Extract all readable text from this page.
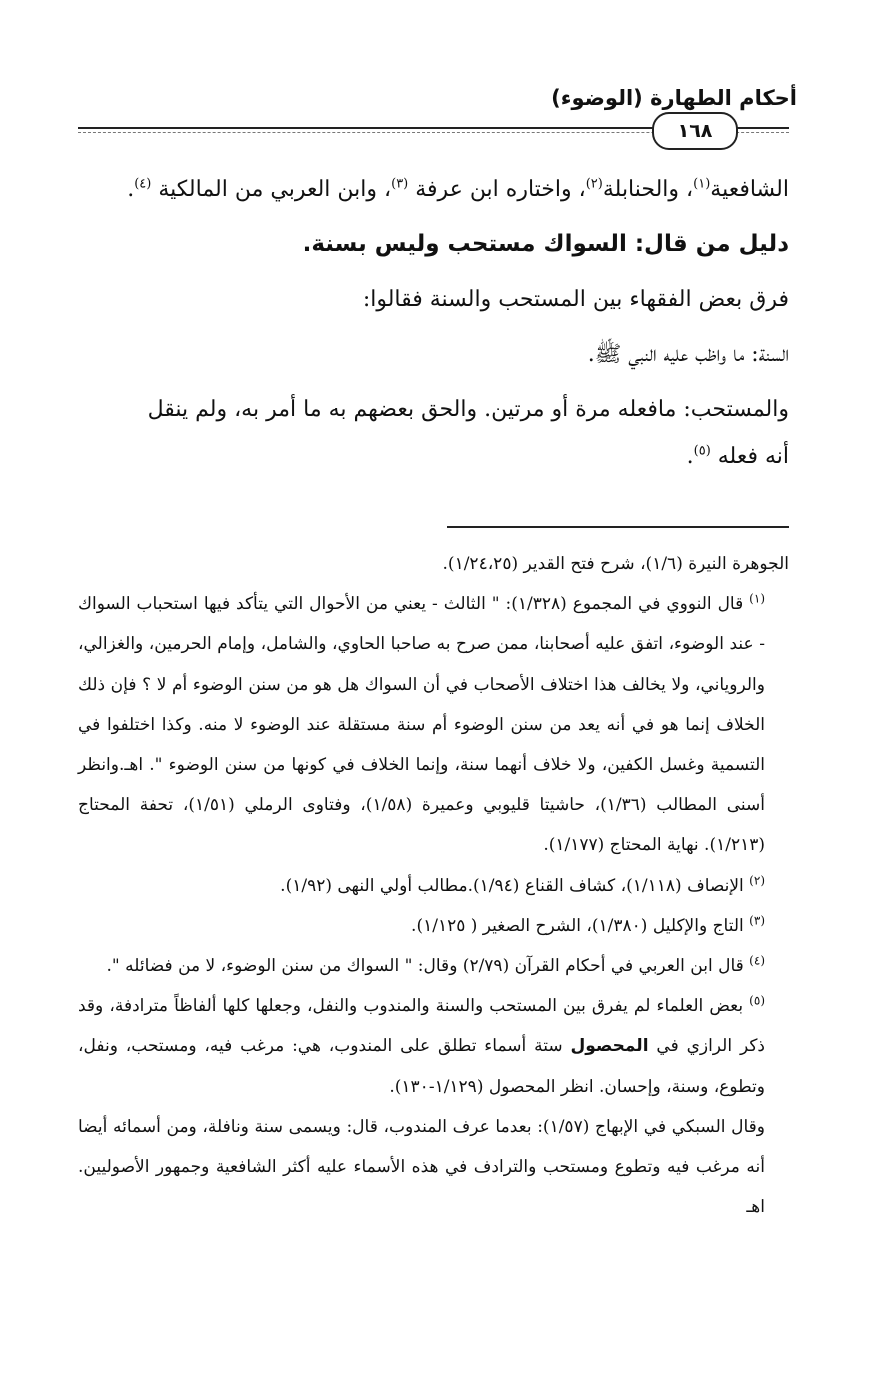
أحكام الطهارة (الوضوء)
١٦٨

الشافعية$^{(١)}$، والحنابلة$^{(٢)}$، واختاره ابن عرفة $^{(٣)}$، وابن العربي من المالكية $^{(٤)}$.

دليل من قال: السواك مستحب وليس بسنة.

فرق بعض الفقهاء بين المستحب والسنة فقالوا:

السنة: ما واظب عليه النبي ﷺ.

والمستحب: مافعله مرة أو مرتين. والحق بعضهم به ما أمر به، ولم ينقل

أنه فعله $^{(٥)}$.

الجوهرة النيرة (١/٦)، شرح فتح القدير (١/٢٤،٢٥).

$^{(١)}$ قال النووي في المجموع (١/٣٢٨): " الثالث - يعني من الأحوال التي يتأكد فيها استحباب السواك - عند الوضوء، اتفق عليه أصحابنا، ممن صرح به صاحبا الحاوي، والشامل، وإمام الحرمين، والغزالي، والروياني، ولا يخالف هذا اختلاف الأصحاب في أن السواك هل هو من سنن الوضوء أم لا ؟ فإن ذلك الخلاف إنما هو في أنه يعد من سنن الوضوء أم سنة مستقلة عند الوضوء لا منه. وكذا اختلفوا في التسمية وغسل الكفين، ولا خلاف أنهما سنة، وإنما الخلاف في كونها من سنن الوضوء ". اهـ.وانظر أسنى المطالب (١/٣٦)، حاشيتا قليوبي وعميرة (١/٥٨)، وفتاوى الرملي (١/٥١)، تحفة المحتاج (١/٢١٣). نهاية المحتاج (١/١٧٧).

$^{(٢)}$ الإنصاف (١/١١٨)، كشاف القناع (١/٩٤).مطالب أولي النهى (١/٩٢).

$^{(٣)}$ التاج والإكليل (١/٣٨٠)، الشرح الصغير ( ١/١٢٥).

$^{(٤)}$ قال ابن العربي في أحكام القرآن (٢/٧٩) وقال: " السواك من سنن الوضوء، لا من فضائله ".

$^{(٥)}$ بعض العلماء لم يفرق بين المستحب والسنة والمندوب والنفل، وجعلها كلها ألفاظاً مترادفة، وقد ذكر الرازي في المحصول ستة أسماء تطلق على المندوب، هي: مرغب فيه، ومستحب، ونفل، وتطوع، وسنة، وإحسان. انظر المحصول (١/١٢٩-١٣٠).

وقال السبكي في الإبهاج (١/٥٧): بعدما عرف المندوب، قال: ويسمى سنة ونافلة، ومن أسمائه أيضا أنه مرغب فيه وتطوع ومستحب والترادف في هذه الأسماء عليه أكثر الشافعية وجمهور الأصوليين. اهـ
